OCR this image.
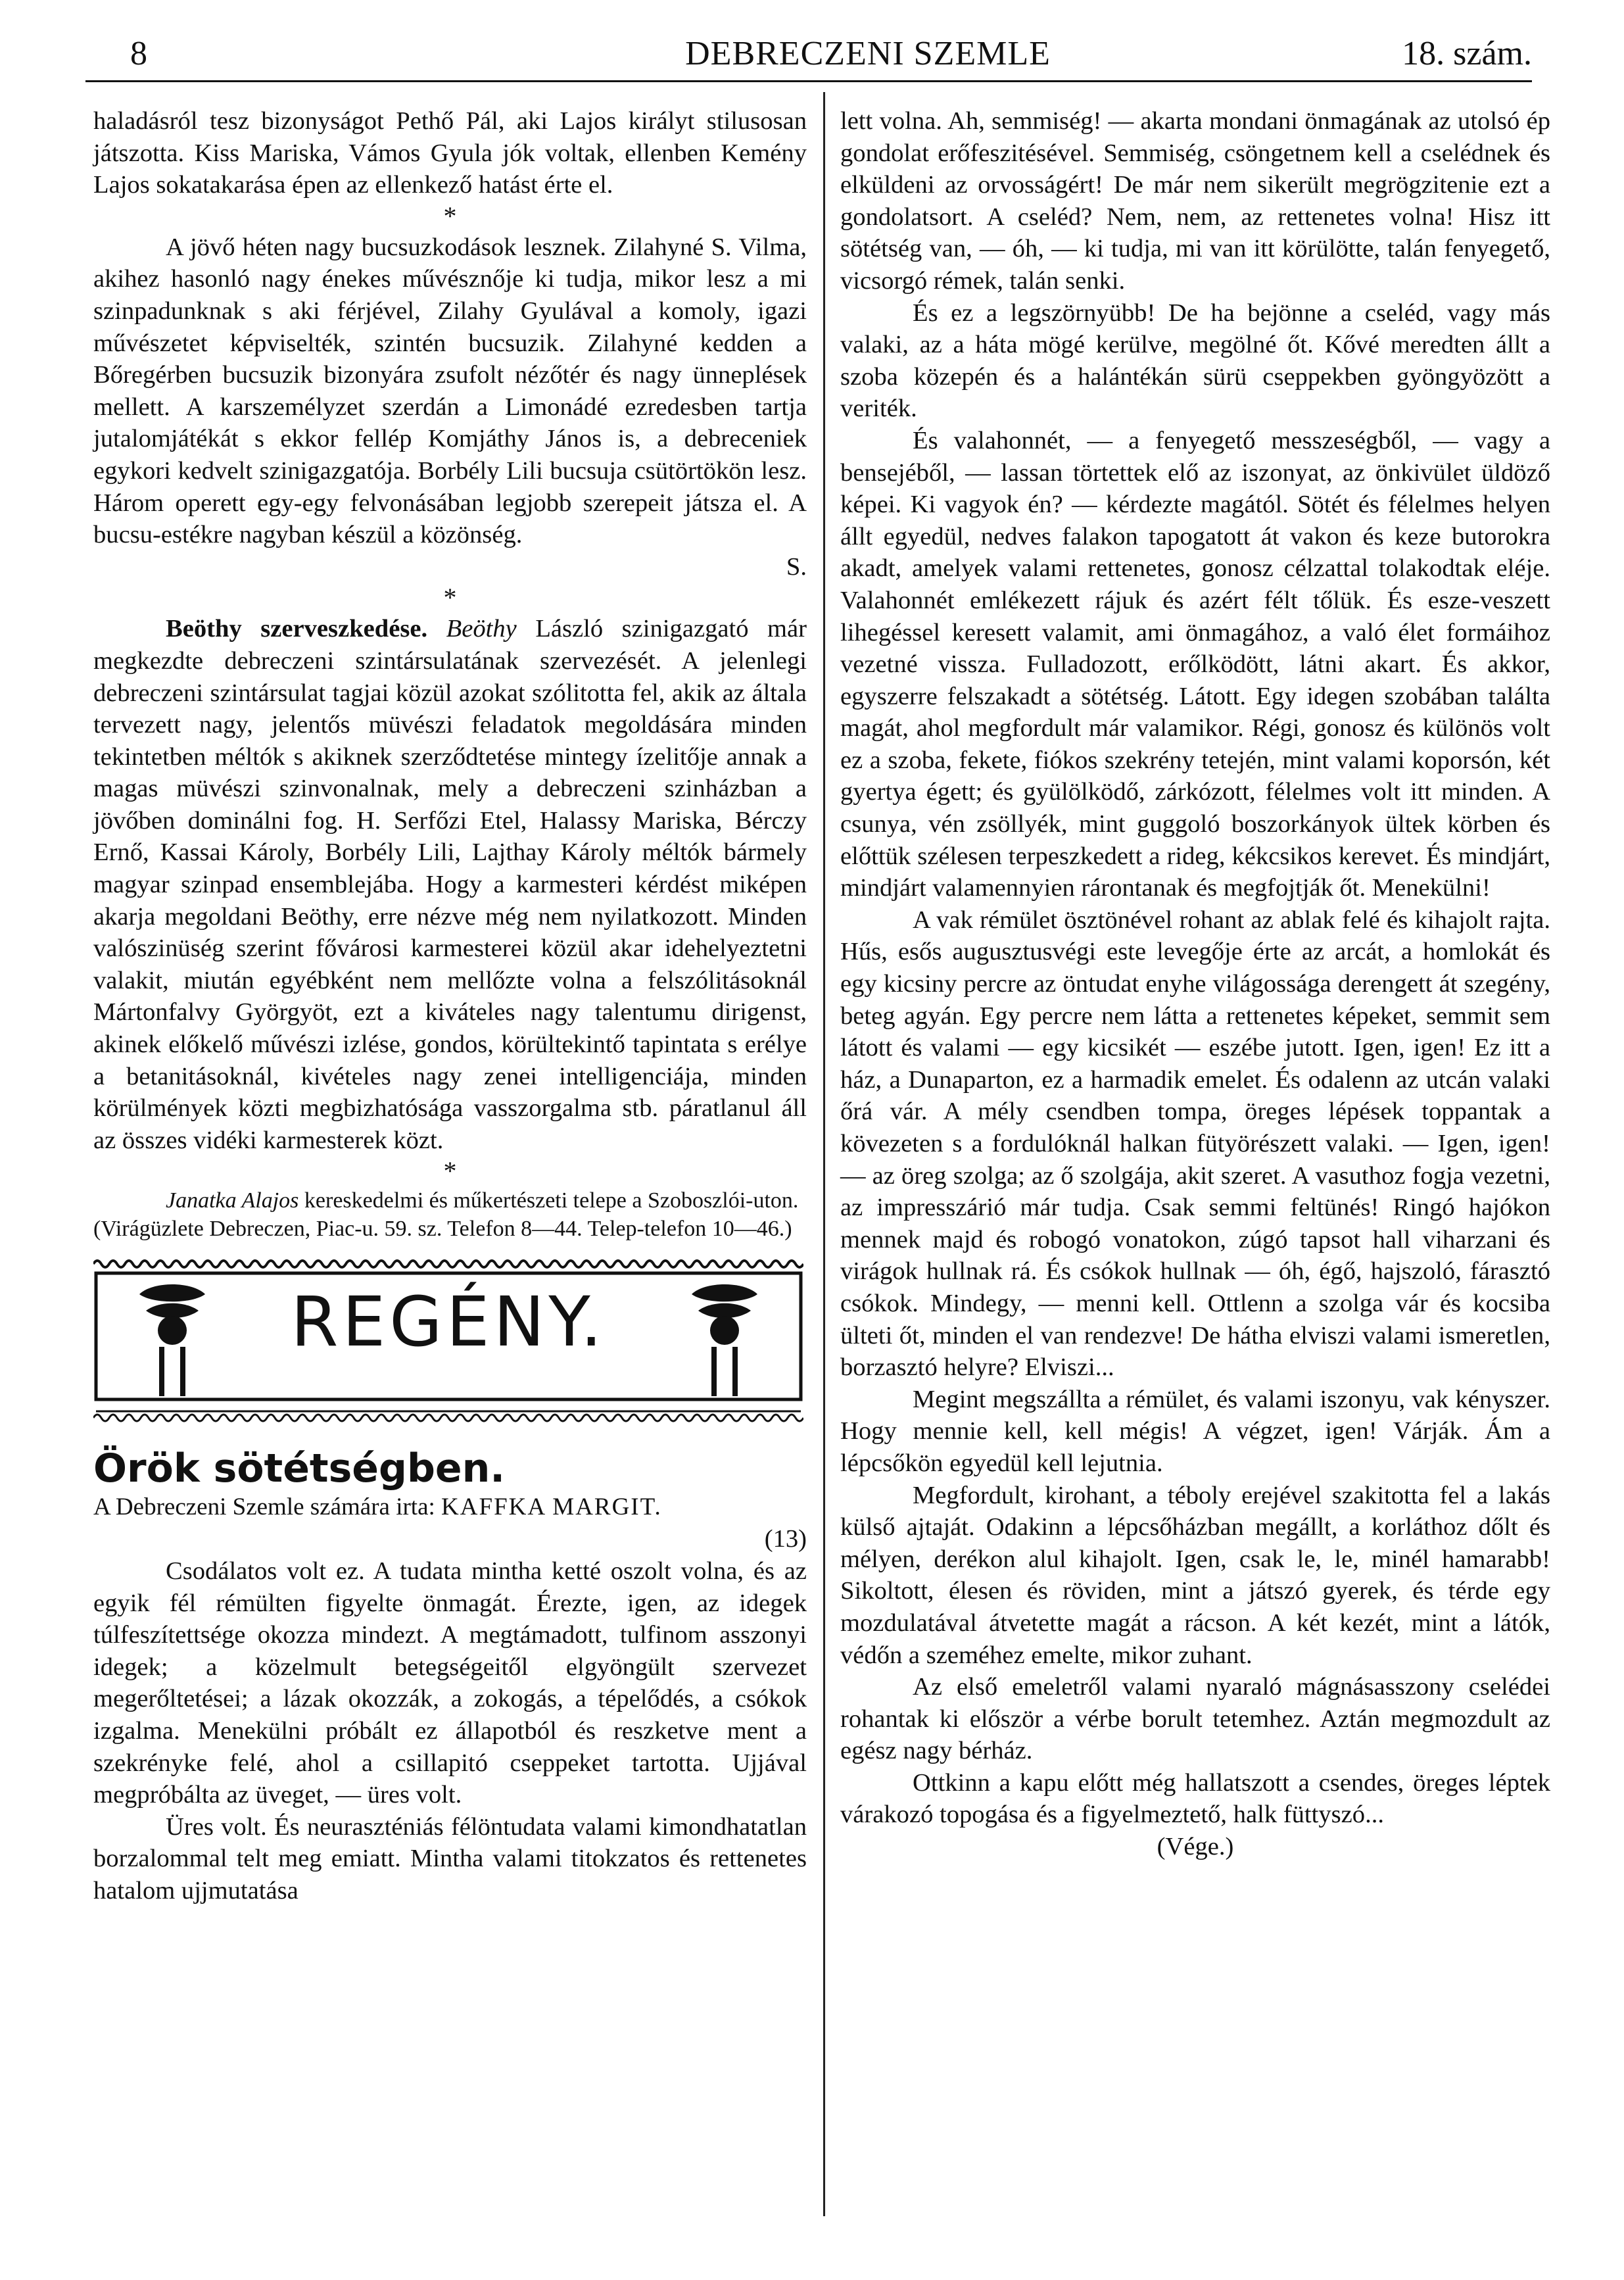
8	DEBRECZENI SZEMLE	18. szám.

haladásról tesz bizonyságot Pethő Pál, aki Lajos királyt stilusosan játszotta. Kiss Mariska, Vámos Gyula jók voltak, ellenben Kemény Lajos sokatakarása épen az ellenkező hatást érte el.

*

A jövő héten nagy bucsuzkodások lesznek. Zilahyné S. Vilma, akihez hasonló nagy énekes művésznője ki tudja, mikor lesz a mi szinpadunknak s aki férjével, Zilahy Gyulával a komoly, igazi művészetet képviselték, szintén bucsuzik. Zilahyné kedden a Bőregérben bucsuzik bizonyára zsufolt nézőtér és nagy ünneplések mellett. A karszemélyzet szerdán a Limonádé ezredesben tartja jutalomjátékát s ekkor fellép Komjáthy János is, a debreceniek egykori kedvelt szinigazgatója. Borbély Lili bucsuja csütörtökön lesz. Három operett egy-egy felvonásában legjobb szerepeit játsza el. A bucsu-estékre nagyban készül a közönség.

S.

*

Beöthy szerveszkedése. Beöthy László szinigazgató már megkezdte debreczeni szintársulatának szervezését. A jelenlegi debreczeni szintársulat tagjai közül azokat szólitotta fel, akik az általa tervezett nagy, jelentős müvészi feladatok megoldására minden tekintetben méltók s akiknek szerződtetése mintegy ízelitője annak a magas müvészi szinvonalnak, mely a debreczeni szinházban a jövőben dominálni fog. H. Serfőzi Etel, Halassy Mariska, Bérczy Ernő, Kassai Károly, Borbély Lili, Lajthay Károly méltók bármely magyar szinpad ensemblejába. Hogy a karmesteri kérdést miképen akarja megoldani Beöthy, erre nézve még nem nyilatkozott. Minden valószinüség szerint fővárosi karmesterei közül akar idehelyeztetni valakit, miután egyébként nem mellőzte volna a felszólitásoknál Mártonfalvy Györgyöt, ezt a kiváteles nagy talentumu dirigenst, akinek előkelő művészi izlése, gondos, körültekintő tapintata s erélye a betanitásoknál, kivételes nagy zenei intelligenciája, minden körülmények közti megbizhatósága vasszorgalma stb. páratlanul áll az összes vidéki karmesterek közt.

*

Janatka Alajos kereskedelmi és műkertészeti telepe a Szoboszlói-uton. (Virágüzlete Debreczen, Piac-u. 59. sz. Telefon 8—44. Telep-telefon 10—46.)

REGÉNY.

Örök sötétségben.

A Debreczeni Szemle számára irta: KAFFKA MARGIT.

(13)

Csodálatos volt ez. A tudata mintha ketté oszolt volna, és az egyik fél rémülten figyelte önmagát. Érezte, igen, az idegek túlfeszítettsége okozza mindezt. A megtámadott, tulfinom asszonyi idegek; a közelmult betegségeitől elgyöngült szervezet megerőltetései; a lázak okozzák, a zokogás, a tépelődés, a csókok izgalma. Menekülni próbált ez állapotból és reszketve ment a szekrényke felé, ahol a csillapitó cseppeket tartotta. Ujjával megpróbálta az üveget, — üres volt.

Üres volt. És neuraszténiás félöntudata valami kimondhatatlan borzalommal telt meg emiatt. Mintha valami titokzatos és rettenetes hatalom ujjmutatása

lett volna. Ah, semmiség! — akarta mondani önmagának az utolsó ép gondolat erőfeszitésével. Semmiség, csöngetnem kell a cselédnek és elküldeni az orvosságért! De már nem sikerült megrögzitenie ezt a gondolatsort. A cseléd? Nem, nem, az rettenetes volna! Hisz itt sötétség van, — óh, — ki tudja, mi van itt körülötte, talán fenyegető, vicsorgó rémek, talán senki.

És ez a legszörnyübb! De ha bejönne a cseléd, vagy más valaki, az a háta mögé kerülve, megölné őt. Kővé meredten állt a szoba közepén és a halántékán sürü cseppekben gyöngyözött a veriték.

És valahonnét, — a fenyegető messzeségből, — vagy a bensejéből, — lassan törtettek elő az iszonyat, az önkivület üldöző képei. Ki vagyok én? — kérdezte magától. Sötét és félelmes helyen állt egyedül, nedves falakon tapogatott át vakon és keze butorokra akadt, amelyek valami rettenetes, gonosz célzattal tolakodtak eléje. Valahonnét emlékezett rájuk és azért félt tőlük. És esze-veszett lihegéssel keresett valamit, ami önmagához, a való élet formáihoz vezetné vissza. Fulladozott, erőlködött, látni akart. És akkor, egyszerre felszakadt a sötétség. Látott. Egy idegen szobában találta magát, ahol megfordult már valamikor. Régi, gonosz és különös volt ez a szoba, fekete, fiókos szekrény tetején, mint valami koporsón, két gyertya égett; és gyülölködő, zárkózott, félelmes volt itt minden. A csunya, vén zsöllyék, mint guggoló boszorkányok ültek körben és előttük szélesen terpeszkedett a rideg, kékcsikos kerevet. És mindjárt, mindjárt valamennyien rárontanak és megfojtják őt. Menekülni!

A vak rémület ösztönével rohant az ablak felé és kihajolt rajta. Hűs, esős augusztusvégi este levegője érte az arcát, a homlokát és egy kicsiny percre az öntudat enyhe világossága derengett át szegény, beteg agyán. Egy percre nem látta a rettenetes képeket, semmit sem látott és valami — egy kicsikét — eszébe jutott. Igen, igen! Ez itt a ház, a Dunaparton, ez a harmadik emelet. És odalenn az utcán valaki őrá vár. A mély csendben tompa, öreges lépések toppantak a kövezeten s a fordulóknál halkan fütyörészett valaki. — Igen, igen! — az öreg szolga; az ő szolgája, akit szeret. A vasuthoz fogja vezetni, az impresszárió már tudja. Csak semmi feltünés! Ringó hajókon mennek majd és robogó vonatokon, zúgó tapsot hall viharzani és virágok hullnak rá. És csókok hullnak — óh, égő, hajszoló, fárasztó csókok. Mindegy, — menni kell. Ottlenn a szolga vár és kocsiba ülteti őt, minden el van rendezve! De hátha elviszi valami ismeretlen, borzasztó helyre? Elviszi...

Megint megszállta a rémület, és valami iszonyu, vak kényszer. Hogy mennie kell, kell mégis! A végzet, igen! Várják. Ám a lépcsőkön egyedül kell lejutnia.

Megfordult, kirohant, a téboly erejével szakitotta fel a lakás külső ajtaját. Odakinn a lépcsőházban megállt, a korláthoz dőlt és mélyen, derékon alul kihajolt. Igen, csak le, le, minél hamarabb! Sikoltott, élesen és röviden, mint a játszó gyerek, és térde egy mozdulatával átvetette magát a rácson. A két kezét, mint a látók, védőn a szeméhez emelte, mikor zuhant.

Az első emeletről valami nyaraló mágnásasszony cselédei rohantak ki először a vérbe borult tetemhez. Aztán megmozdult az egész nagy bérház.

Ottkinn a kapu előtt még hallatszott a csendes, öreges léptek várakozó topogása és a figyelmeztető, halk füttyszó...

(Vége.)
